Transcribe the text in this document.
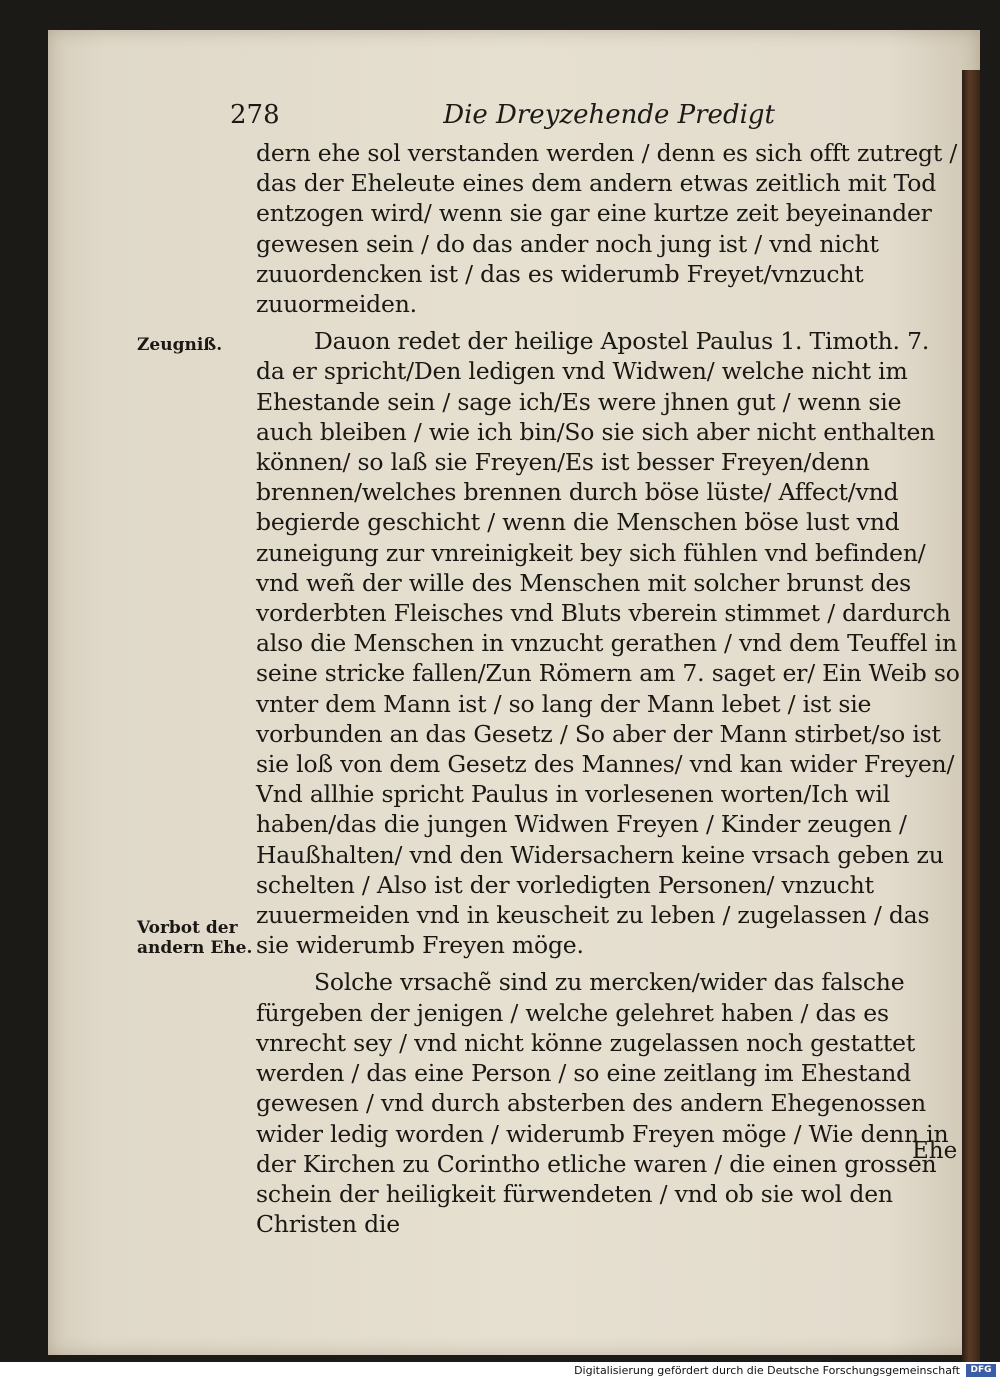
278	Die Dreyzehende Predigt

dern ehe sol verstanden werden / denn es sich offt zutregt / das der Eheleute eines dem andern etwas zeitlich mit Tod entzogen wird/ wenn sie gar eine kurtze zeit beyeinander gewesen sein / do das ander noch jung ist / vnd nicht zuuordencken ist / das es widerumb Freyet/vnzucht zuuormeiden.

Dauon redet der heilige Apostel Paulus 1. Timoth. 7. da er spricht/Den ledigen vnd Widwen/ welche nicht im Ehestande sein / sage ich/Es were jhnen gut / wenn sie auch bleiben / wie ich bin/So sie sich aber nicht enthalten können/ so laß sie Freyen/Es ist besser Freyen/denn brennen/welches brennen durch böse lüste/ Affect/vnd begierde geschicht / wenn die Menschen böse lust vnd zuneigung zur vnreinigkeit bey sich fühlen vnd befinden/ vnd weñ der wille des Menschen mit solcher brunst des vorderbten Fleisches vnd Bluts vberein stimmet / dardurch also die Menschen in vnzucht gerathen / vnd dem Teuffel in seine stricke fallen/Zun Römern am 7. saget er/ Ein Weib so vnter dem Mann ist / so lang der Mann lebet / ist sie vorbunden an das Gesetz / So aber der Mann stirbet/so ist sie loß von dem Gesetz des Mannes/ vnd kan wider Freyen/ Vnd allhie spricht Paulus in vorlesenen worten/Ich wil haben/das die jungen Widwen Freyen / Kinder zeugen / Haußhalten/ vnd den Widersachern keine vrsach geben zu schelten / Also ist der vorledigten Personen/ vnzucht zuuermeiden vnd in keuscheit zu leben / zugelassen / das sie widerumb Freyen möge.

Solche vrsachẽ sind zu mercken/wider das falsche fürgeben der jenigen / welche gelehret haben / das es vnrecht sey / vnd nicht könne zugelassen noch gestattet werden / das eine Person / so eine zeitlang im Ehestand gewesen / vnd durch absterben des andern Ehegenossen wider ledig worden / widerumb Freyen möge / Wie denn in der Kirchen zu Corintho etliche waren / die einen grossen schein der heiligkeit fürwendeten / vnd ob sie wol den Christen die

Zeugniß.
Vorbot der andern Ehe.
Ehe
Digitalisierung gefördert durch die Deutsche Forschungsgemeinschaft	DFG
